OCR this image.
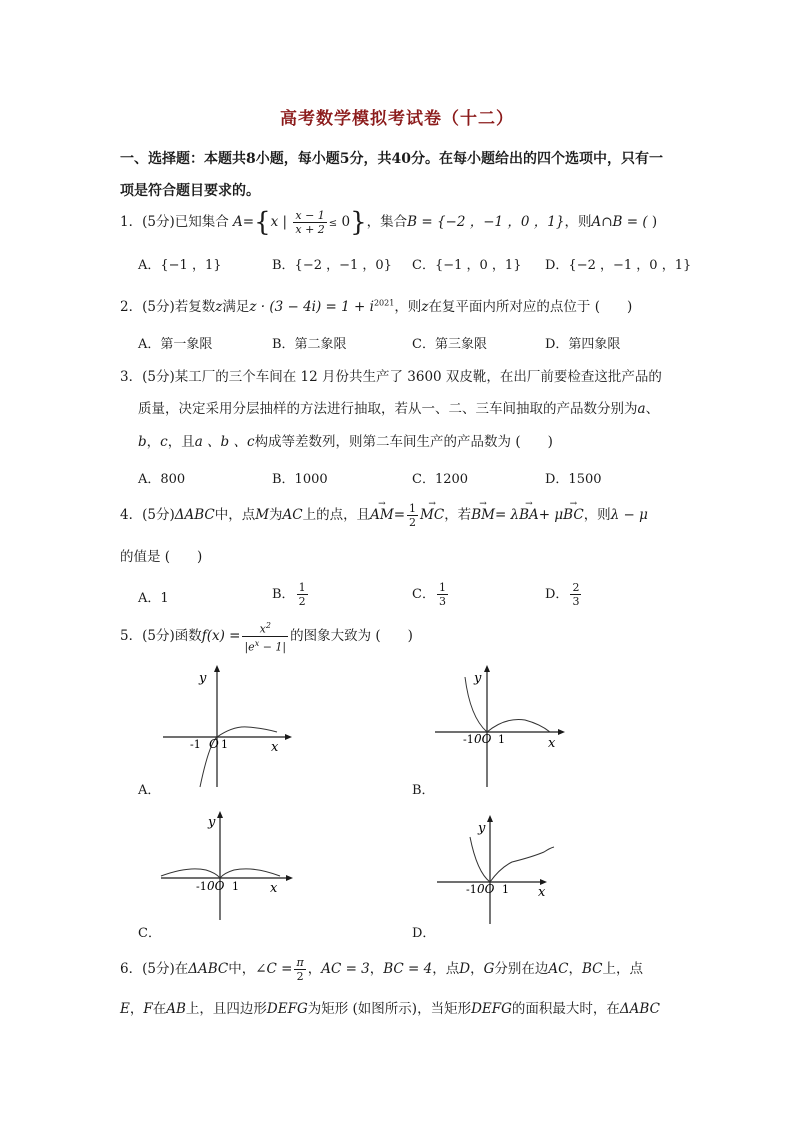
高考数学模拟考试卷（十二）
一、选择题：本题共8小题，每小题5分，共40分。在每小题给出的四个选项中，只有一
项是符合题目要求的。
1．(5分)已知集合 A={x | $\frac{x - 1}{x + 2} \le 0$}，集合B = {−2 ，−1 ，0 ，1}，则A∩B = ( )
A．{−1 ，1}	B．{−2 ，−1 ，0} C．{−1 ，0 ，1} D．{−2 ，−1 ，0 ，1}
2．(5分)若复数z满足$z \cdot (3 - 4i) = 1 + i^{2021}$，则z在复平面内所对应的点位于 (　　)
A．第一象限	B．第二象限	C．第三象限	D．第四象限
3．(5分)某工厂的三个车间在 12 月份共生产了 3600 双皮靴，在出厂前要检查这批产品的
质量，决定采用分层抽样的方法进行抽取，若从一、二、三车间抽取的产品数分别为a、
b，c，且a 、b 、c构成等差数列，则第二车间生产的产品数为 (　　)
A．800	B．1000	C．1200	D．1500
4．(5分)ΔABC中，点M为AC上的点，且→ $AM= \frac{1}{2}$
→ MC，若→ BM= λ→ BA+ μ→ BC，则λ − μ
的值是 (　　)
A．1	B． $\frac{1}{2}$	C． $\frac{1}{3}$	D． $\frac{2}{3}$
5．(5分)函数$f(x) = \frac{x^2}{|e^x - 1|}$ 的图象大致为 (　　)
y
x
-1 O 1
A．
y
x
-1 0O 1
B．
y
x
-1 0O 1
C．
y
x
-1 0O 1
D．
6．(5分)在ΔABC中，∠C = $\frac{\pi}{2}$ ，AC = 3，BC = 4，点D，G分别在边AC，BC上，点
E，F在AB上，且四边形DEFG为矩形 (如图所示)，当矩形DEFG的面积最大时，在ΔABC
